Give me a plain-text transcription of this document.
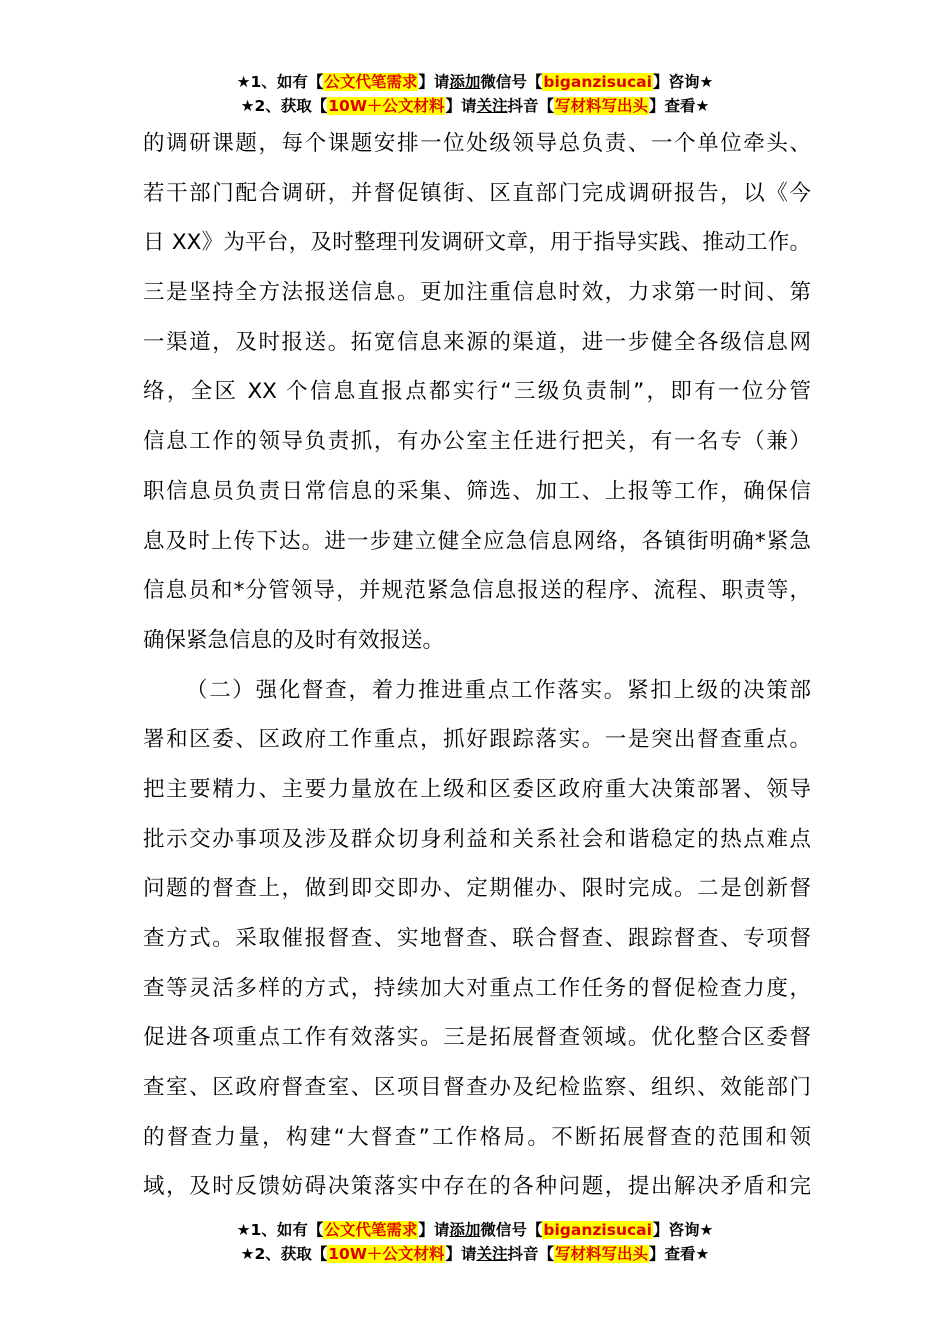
★1、如有【公文代笔需求】请添加微信号【biganzisucai】咨询★
★2、获取【10W＋公文材料】请关注抖音【写材料写出头】查看★
的调研课题，每个课题安排一位处级领导总负责、一个单位牵头、
若干部门配合调研，并督促镇街、区直部门完成调研报告，以《今
日 XX》为平台，及时整理刊发调研文章，用于指导实践、推动工作。
三是坚持全方法报送信息。更加注重信息时效，力求第一时间、第
一渠道，及时报送。拓宽信息来源的渠道，进一步健全各级信息网
络，全区 XX 个信息直报点都实行“三级负责制”，即有一位分管
信息工作的领导负责抓，有办公室主任进行把关，有一名专（兼）
职信息员负责日常信息的采集、筛选、加工、上报等工作，确保信
息及时上传下达。进一步建立健全应急信息网络，各镇街明确*紧急
信息员和*分管领导，并规范紧急信息报送的程序、流程、职责等，
确保紧急信息的及时有效报送。
（二）强化督查，着力推进重点工作落实。紧扣上级的决策部
署和区委、区政府工作重点，抓好跟踪落实。一是突出督查重点。
把主要精力、主要力量放在上级和区委区政府重大决策部署、领导
批示交办事项及涉及群众切身利益和关系社会和谐稳定的热点难点
问题的督查上，做到即交即办、定期催办、限时完成。二是创新督
查方式。采取催报督查、实地督查、联合督查、跟踪督查、专项督
查等灵活多样的方式，持续加大对重点工作任务的督促检查力度，
促进各项重点工作有效落实。三是拓展督查领域。优化整合区委督
查室、区政府督查室、区项目督查办及纪检监察、组织、效能部门
的督查力量，构建“大督查”工作格局。不断拓展督查的范围和领
域，及时反馈妨碍决策落实中存在的各种问题，提出解决矛盾和完
★1、如有【公文代笔需求】请添加微信号【biganzisucai】咨询★
★2、获取【10W＋公文材料】请关注抖音【写材料写出头】查看★
